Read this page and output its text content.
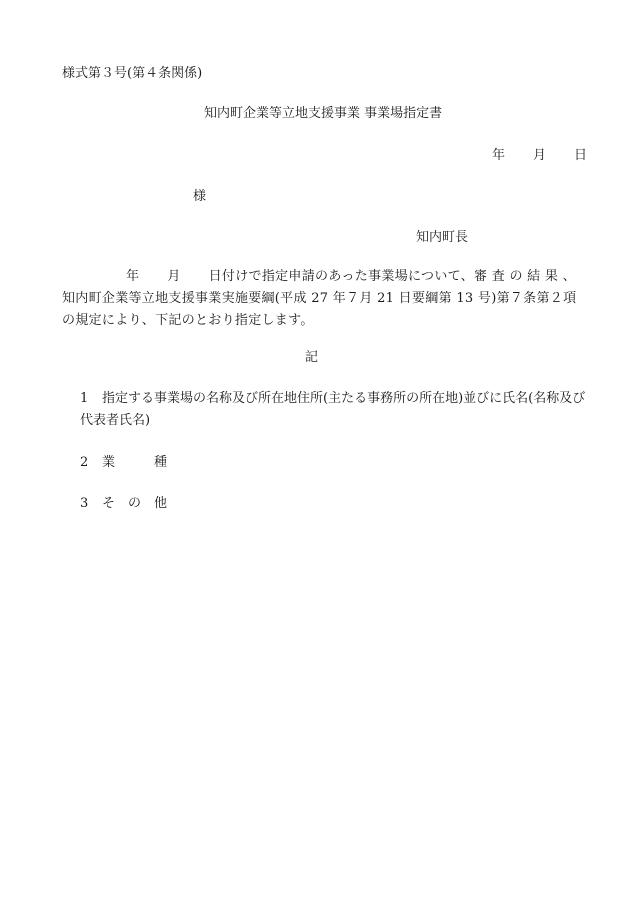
様式第３号(第４条関係)
知内町企業等立地支援事業 事業場指定書
年 月 日
様
知内町長
年 月 日付けで指定申請のあった事業場について、審 査 の 結 果 、知内町企業等立地支援事業実施要綱(平成 27 年７月 21 日要綱第 13 号)第７条第２項の規定により、下記のとおり指定します。
記
1 指定する事業場の名称及び所在地住所(主たる事務所の所在地)並びに氏名(名称及び代表者氏名)
2 業　　　種
3 そ　の　他
